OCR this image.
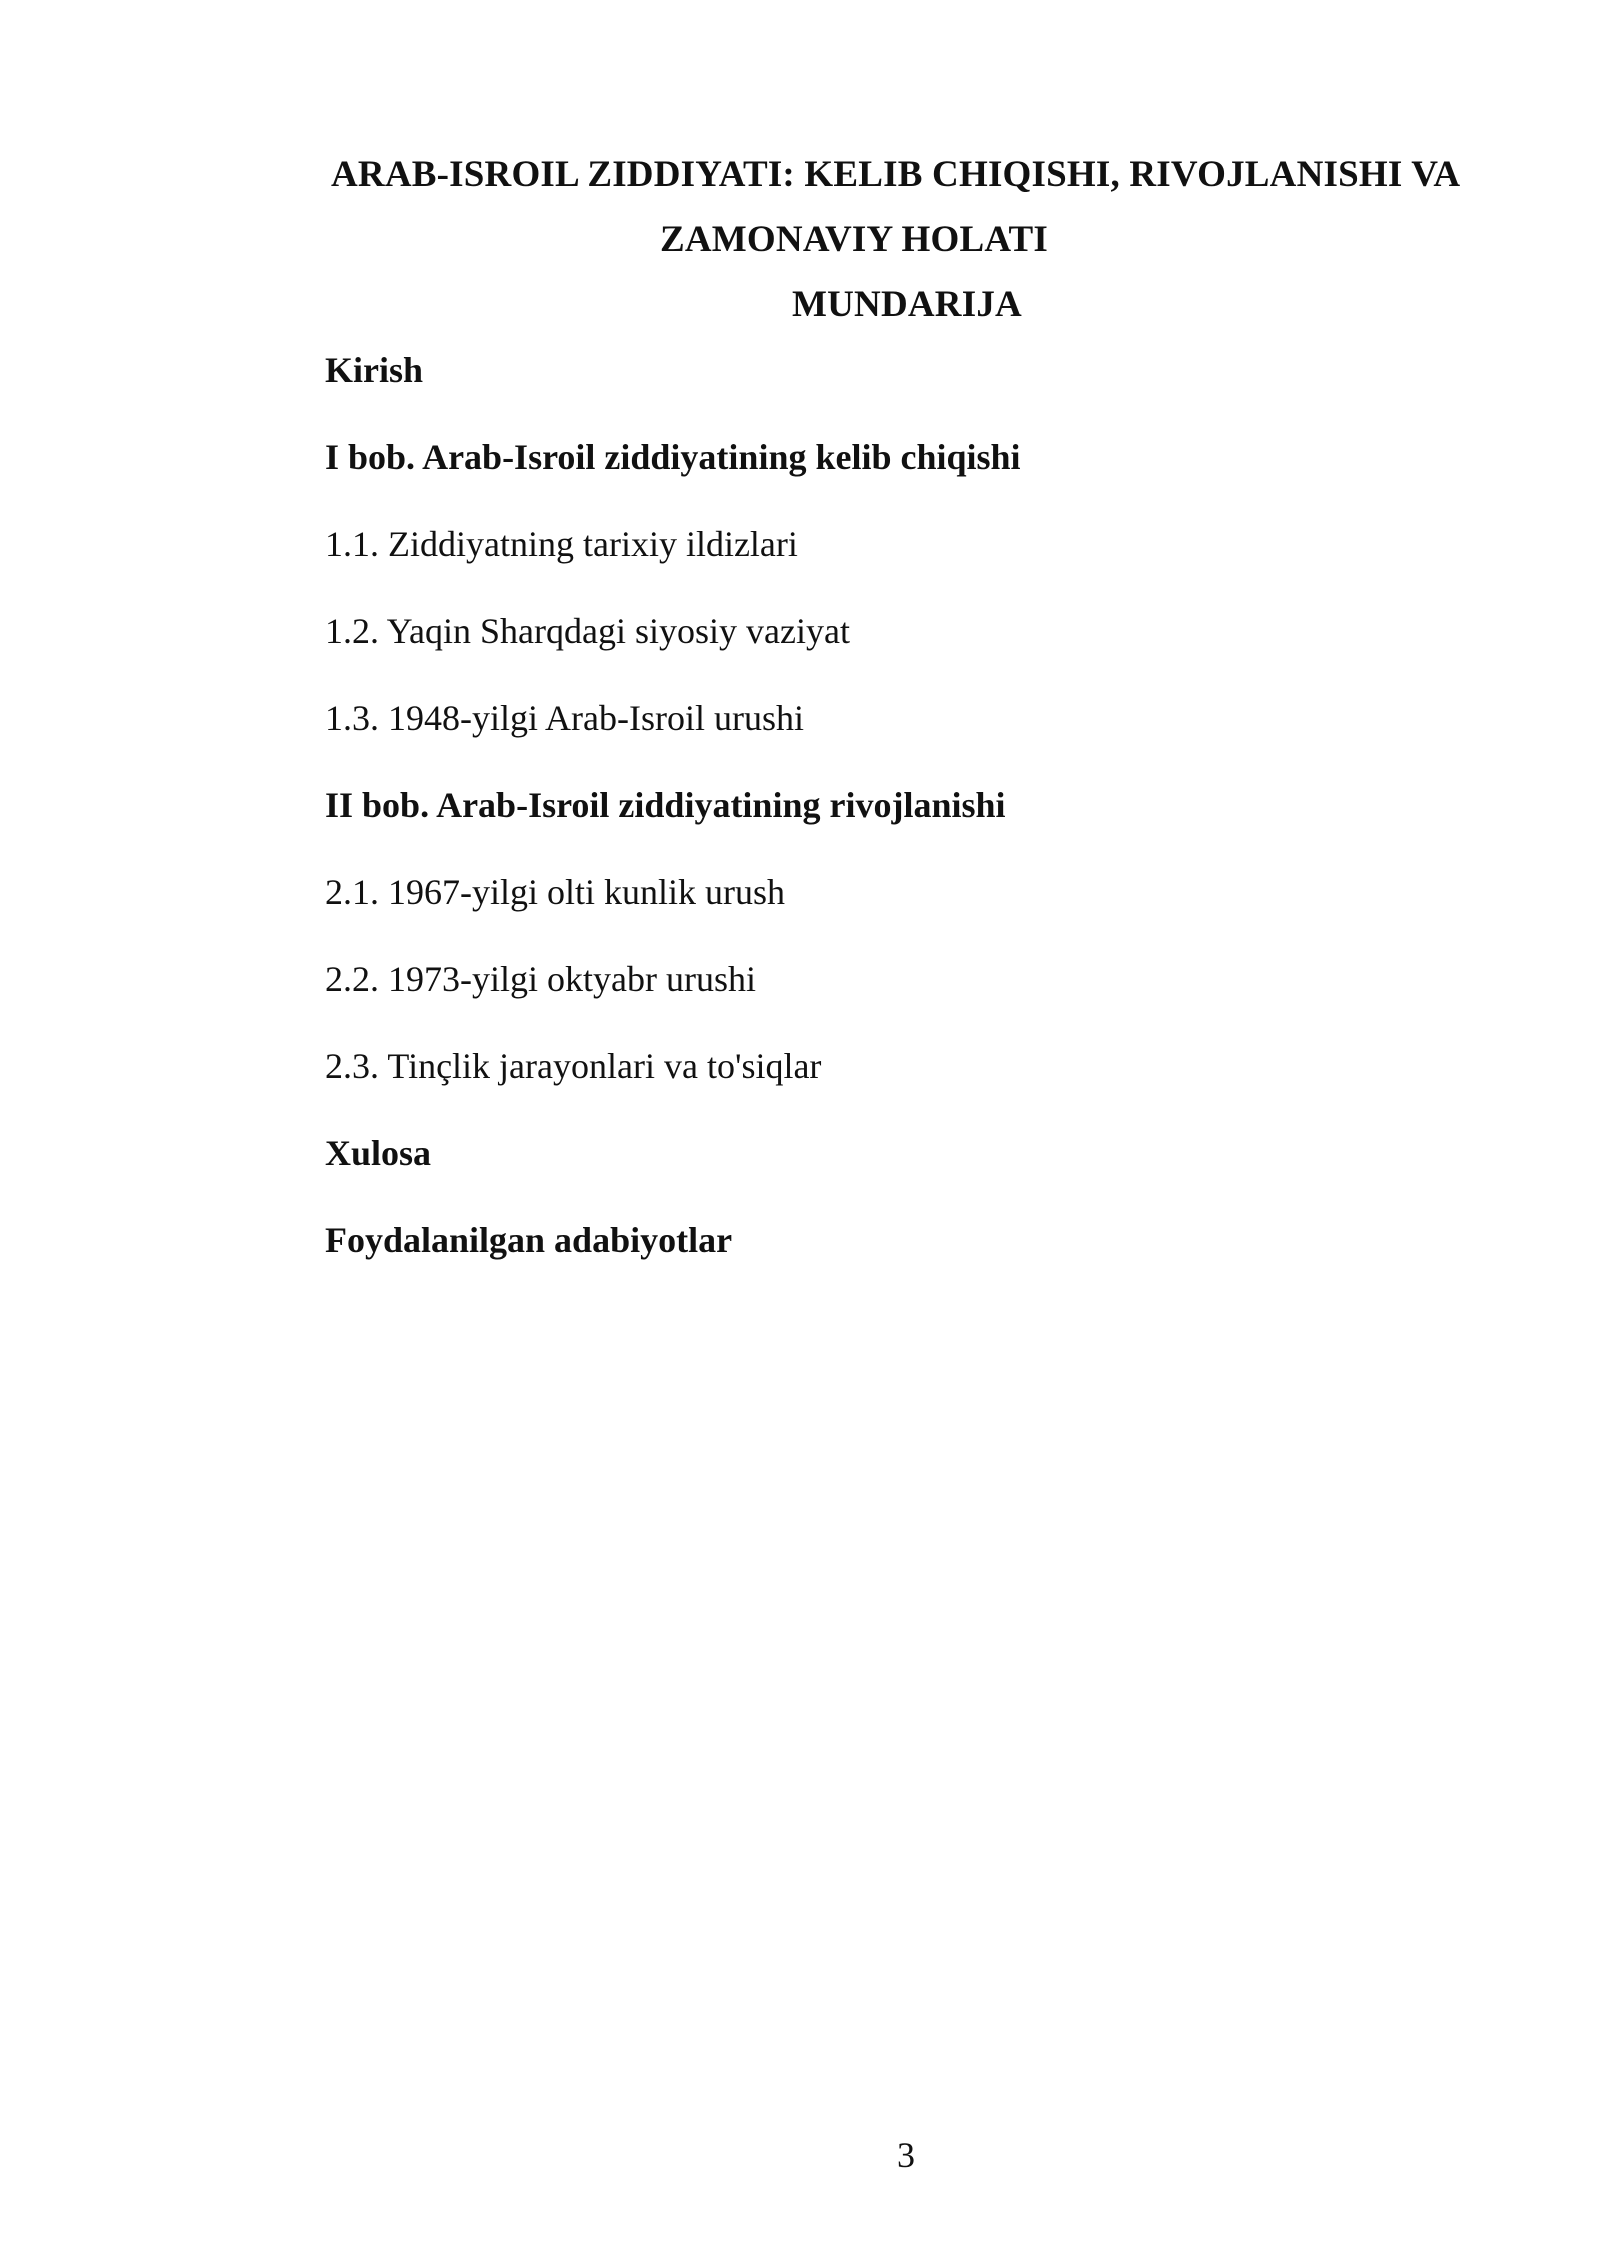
ARAB-ISROIL ZIDDIYATI: KELIB CHIQISHI, RIVOJLANISHI VA
ZAMONAVIY HOLATI
MUNDARIJA
Kirish
I bob. Arab-Isroil ziddiyatining kelib chiqishi
1.1. Ziddiyatning tarixiy ildizlari
1.2. Yaqin Sharqdagi siyosiy vaziyat
1.3. 1948-yilgi Arab-Isroil urushi
II bob. Arab-Isroil ziddiyatining rivojlanishi
2.1. 1967-yilgi olti kunlik urush
2.2. 1973-yilgi oktyabr urushi
2.3. Tinçlik jarayonlari va to'siqlar
Xulosa
Foydalanilgan adabiyotlar
3
